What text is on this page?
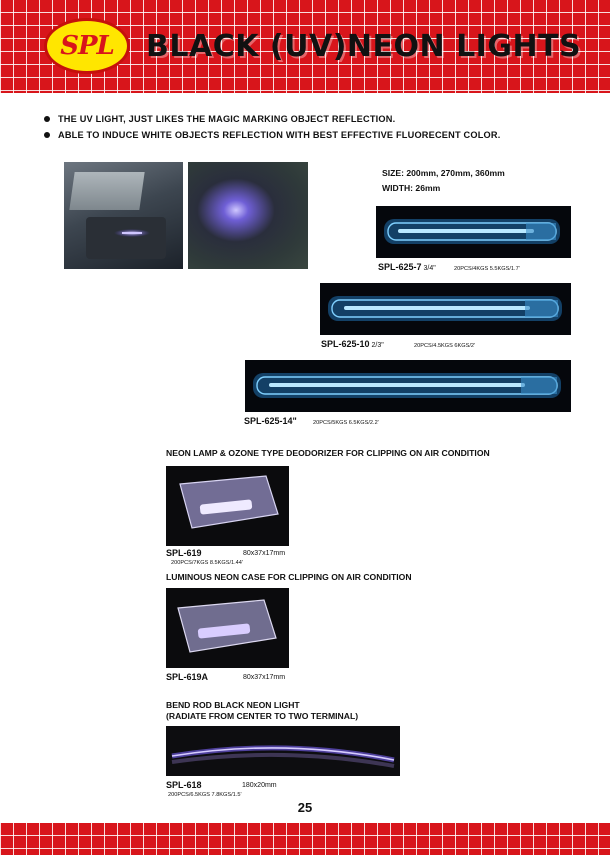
SPL BLACK (UV)NEON LIGHTS
THE UV LIGHT, JUST LIKES THE MAGIC MARKING OBJECT REFLECTION.
ABLE TO INDUCE WHITE OBJECTS REFLECTION WITH BEST EFFECTIVE FLUORECENT COLOR.
SIZE: 200mm, 270mm, 360mm
WIDTH: 26mm
SPL-625-7 3/4"	20PCS/4KGS 5.5KGS/1.7'
SPL-625-10 2/3"	20PCS/4.5KGS 6KGS/2'
SPL-625-14"	20PCS/5KGS 6.5KGS/2.2'
NEON LAMP & OZONE TYPE DEODORIZER FOR CLIPPING ON AIR CONDITION
SPL-619	80x37x17mm
200PCS/7KGS 8.5KGS/1.44'
LUMINOUS NEON CASE FOR CLIPPING ON AIR CONDITION
SPL-619A	80x37x17mm
BEND ROD BLACK NEON LIGHT
(RADIATE FROM CENTER TO TWO TERMINAL)
SPL-618	180x20mm
200PCS/6.5KGS 7.8KGS/1.5'
25
